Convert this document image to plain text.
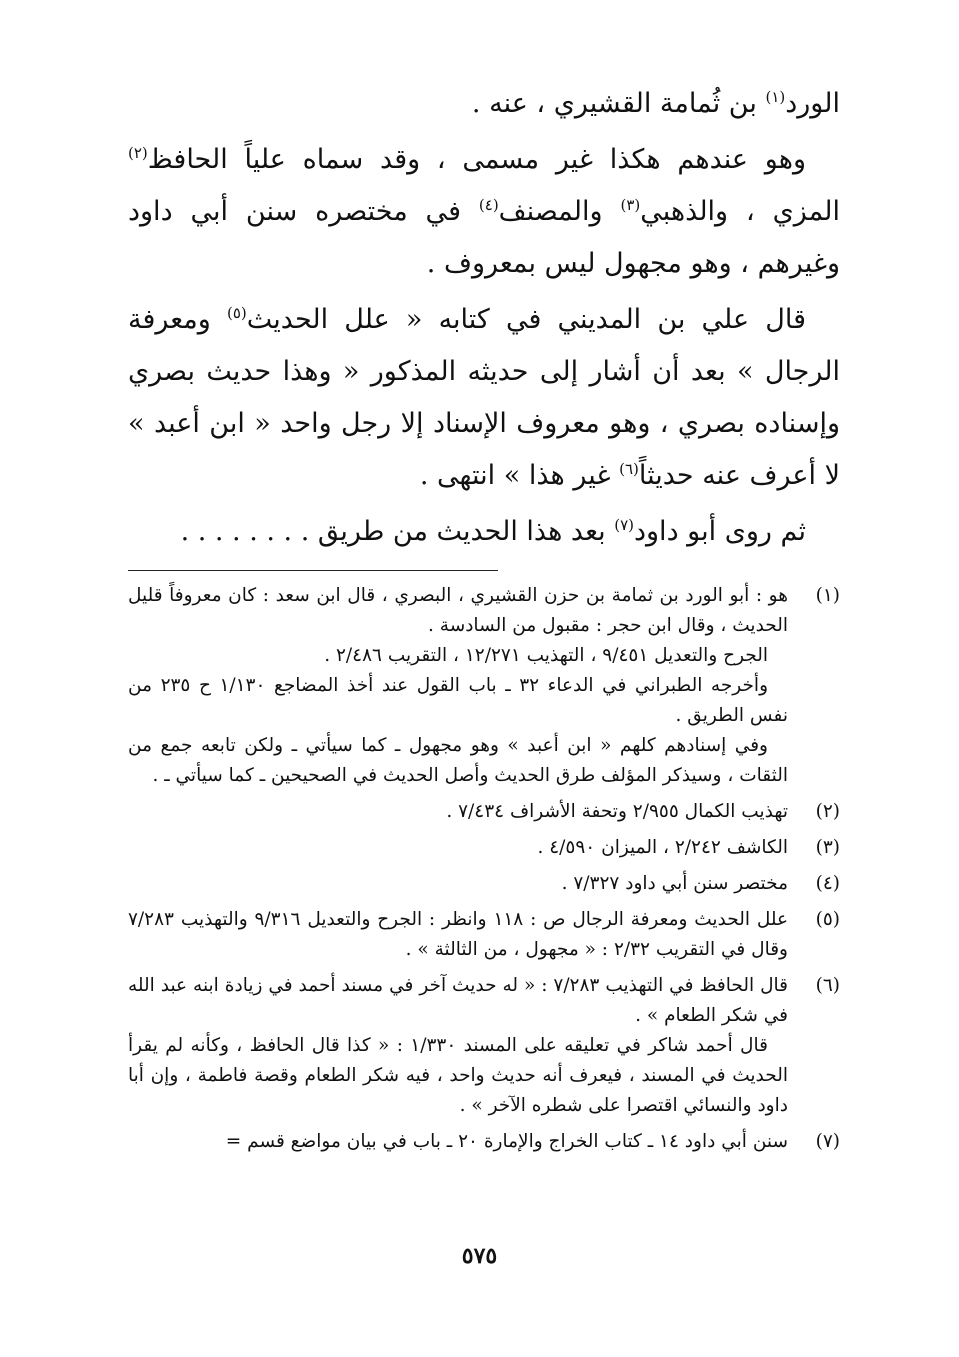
الورد$^{(١)}$ بن ثُمامة القشيري ، عنه .

وهو عندهم هكذا غير مسمى ، وقد سماه علياً الحافظ$^{(٢)}$ المزي ، والذهبي$^{(٣)}$ والمصنف$^{(٤)}$ في مختصره سنن أبي داود وغيرهم ، وهو مجهول ليس بمعروف .

قال علي بن المديني في كتابه « علل الحديث$^{(٥)}$ ومعرفة الرجال » بعد أن أشار إلى حديثه المذكور « وهذا حديث بصري وإسناده بصري ، وهو معروف الإسناد إلا رجل واحد « ابن أعبد » لا أعرف عنه حديثاً$^{(٦)}$ غير هذا » انتهى .

ثم روى أبو داود$^{(٧)}$ بعد هذا الحديث من طريق . . . . . . . .

(١)

هو : أبو الورد بن ثمامة بن حزن القشيري ، البصري ، قال ابن سعد : كان معروفاً قليل الحديث ، وقال ابن حجر : مقبول من السادسة .

الجرح والتعديل ٩/٤٥١ ، التهذيب ١٢/٢٧١ ، التقريب ٢/٤٨٦ .

وأخرجه الطبراني في الدعاء ٣٢ ـ باب القول عند أخذ المضاجع ١/١٣٠ ح ٢٣٥ من نفس الطريق .

وفي إسنادهم كلهم « ابن أعبد » وهو مجهول ـ كما سيأتي ـ ولكن تابعه جمع من الثقات ، وسيذكر المؤلف طرق الحديث وأصل الحديث في الصحيحين ـ كما سيأتي ـ .

(٢)

تهذيب الكمال ٢/٩٥٥ وتحفة الأشراف ٧/٤٣٤ .

(٣)

الكاشف ٢/٢٤٢ ، الميزان ٤/٥٩٠ .

(٤)

مختصر سنن أبي داود ٧/٣٢٧ .

(٥)

علل الحديث ومعرفة الرجال ص : ١١٨ وانظر : الجرح والتعديل ٩/٣١٦ والتهذيب ٧/٢٨٣ وقال في التقريب ٢/٣٢ : « مجهول ، من الثالثة » .

(٦)

قال الحافظ في التهذيب ٧/٢٨٣ : « له حديث آخر في مسند أحمد في زيادة ابنه عبد الله في شكر الطعام » .

قال أحمد شاكر في تعليقه على المسند ١/٣٣٠ : « كذا قال الحافظ ، وكأنه لم يقرأ الحديث في المسند ، فيعرف أنه حديث واحد ، فيه شكر الطعام وقصة فاطمة ، وإن أبا داود والنسائي اقتصرا على شطره الآخر » .

(٧)

سنن أبي داود ١٤ ـ كتاب الخراج والإمارة ٢٠ ـ باب في بيان مواضع قسم =

٥٧٥
